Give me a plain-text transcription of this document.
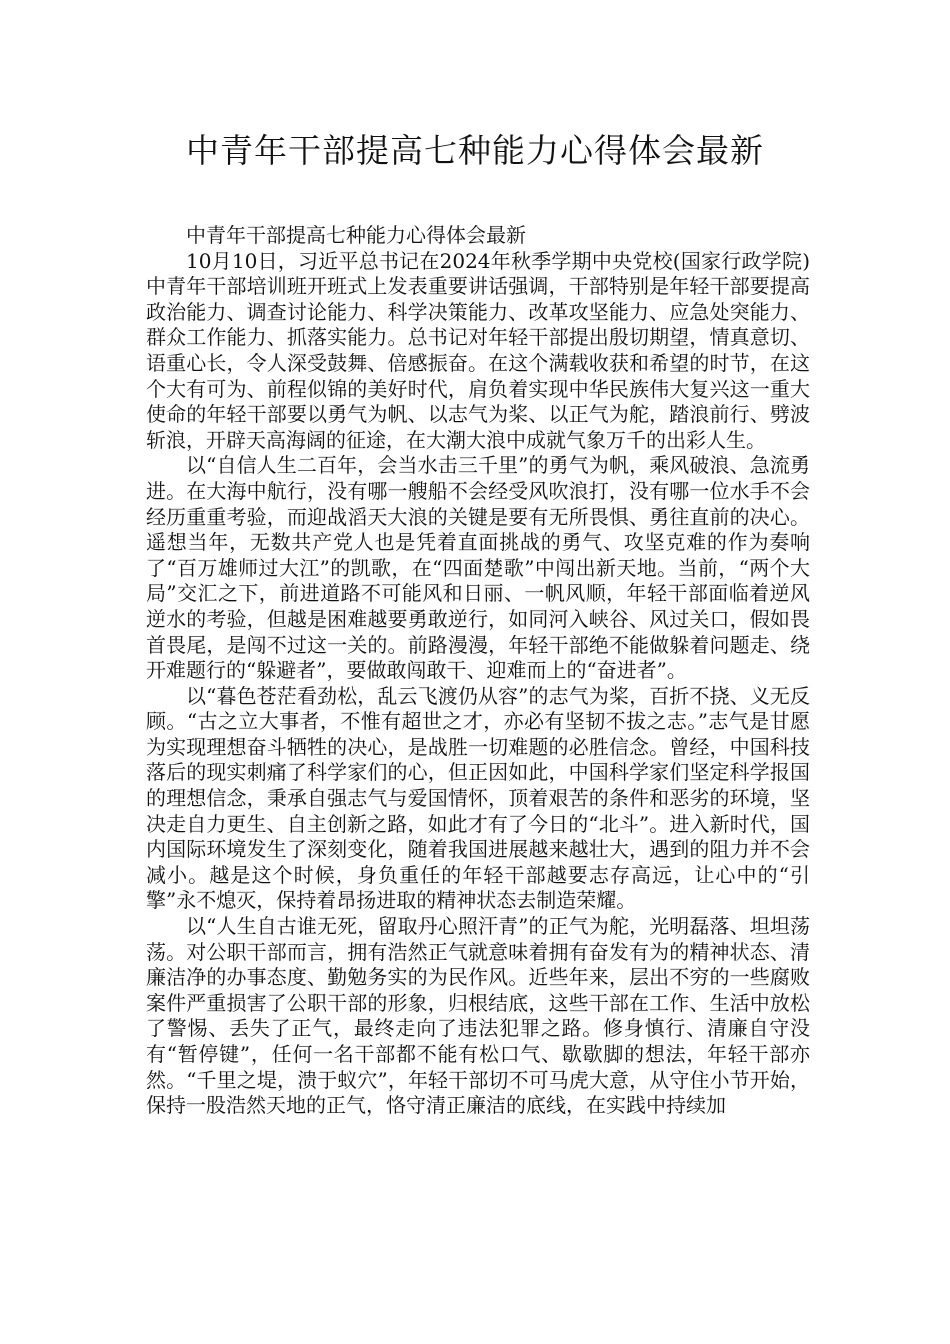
中青年干部提高七种能力心得体会最新

中青年干部提高七种能力心得体会最新

10月10日，习近平总书记在2024年秋季学期中央党校(国家行政学院)中青年干部培训班开班式上发表重要讲话强调，干部特别是年轻干部要提高政治能力、调查讨论能力、科学决策能力、改革攻坚能力、应急处突能力、群众工作能力、抓落实能力。总书记对年轻干部提出殷切期望，情真意切、语重心长，令人深受鼓舞、倍感振奋。在这个满载收获和希望的时节，在这个大有可为、前程似锦的美好时代，肩负着实现中华民族伟大复兴这一重大使命的年轻干部要以勇气为帆、以志气为桨、以正气为舵，踏浪前行、劈波斩浪，开辟天高海阔的征途，在大潮大浪中成就气象万千的出彩人生。

以“自信人生二百年，会当水击三千里”的勇气为帆，乘风破浪、急流勇进。在大海中航行，没有哪一艘船不会经受风吹浪打，没有哪一位水手不会经历重重考验，而迎战滔天大浪的关键是要有无所畏惧、勇往直前的决心。遥想当年，无数共产党人也是凭着直面挑战的勇气、攻坚克难的作为奏响了“百万雄师过大江”的凯歌，在“四面楚歌”中闯出新天地。当前，“两个大局”交汇之下，前进道路不可能风和日丽、一帆风顺，年轻干部面临着逆风逆水的考验，但越是困难越要勇敢逆行，如同河入峡谷、风过关口，假如畏首畏尾，是闯不过这一关的。前路漫漫，年轻干部绝不能做躲着问题走、绕开难题行的“躲避者”，要做敢闯敢干、迎难而上的“奋进者”。

以“暮色苍茫看劲松，乱云飞渡仍从容”的志气为桨，百折不挠、义无反顾。“古之立大事者，不惟有超世之才，亦必有坚韧不拔之志。”志气是甘愿为实现理想奋斗牺牲的决心，是战胜一切难题的必胜信念。曾经，中国科技落后的现实刺痛了科学家们的心，但正因如此，中国科学家们坚定科学报国的理想信念，秉承自强志气与爱国情怀，顶着艰苦的条件和恶劣的环境，坚决走自力更生、自主创新之路，如此才有了今日的“北斗”。进入新时代，国内国际环境发生了深刻变化，随着我国进展越来越壮大，遇到的阻力并不会减小。越是这个时候，身负重任的年轻干部越要志存高远，让心中的“引擎”永不熄灭，保持着昂扬进取的精神状态去制造荣耀。

以“人生自古谁无死，留取丹心照汗青”的正气为舵，光明磊落、坦坦荡荡。对公职干部而言，拥有浩然正气就意味着拥有奋发有为的精神状态、清廉洁净的办事态度、勤勉务实的为民作风。近些年来，层出不穷的一些腐败案件严重损害了公职干部的形象，归根结底，这些干部在工作、生活中放松了警惕、丢失了正气，最终走向了违法犯罪之路。修身慎行、清廉自守没有“暂停键”，任何一名干部都不能有松口气、歇歇脚的想法，年轻干部亦然。“千里之堤，溃于蚁穴”，年轻干部切不可马虎大意，从守住小节开始，保持一股浩然天地的正气，恪守清正廉洁的底线，在实践中持续加
